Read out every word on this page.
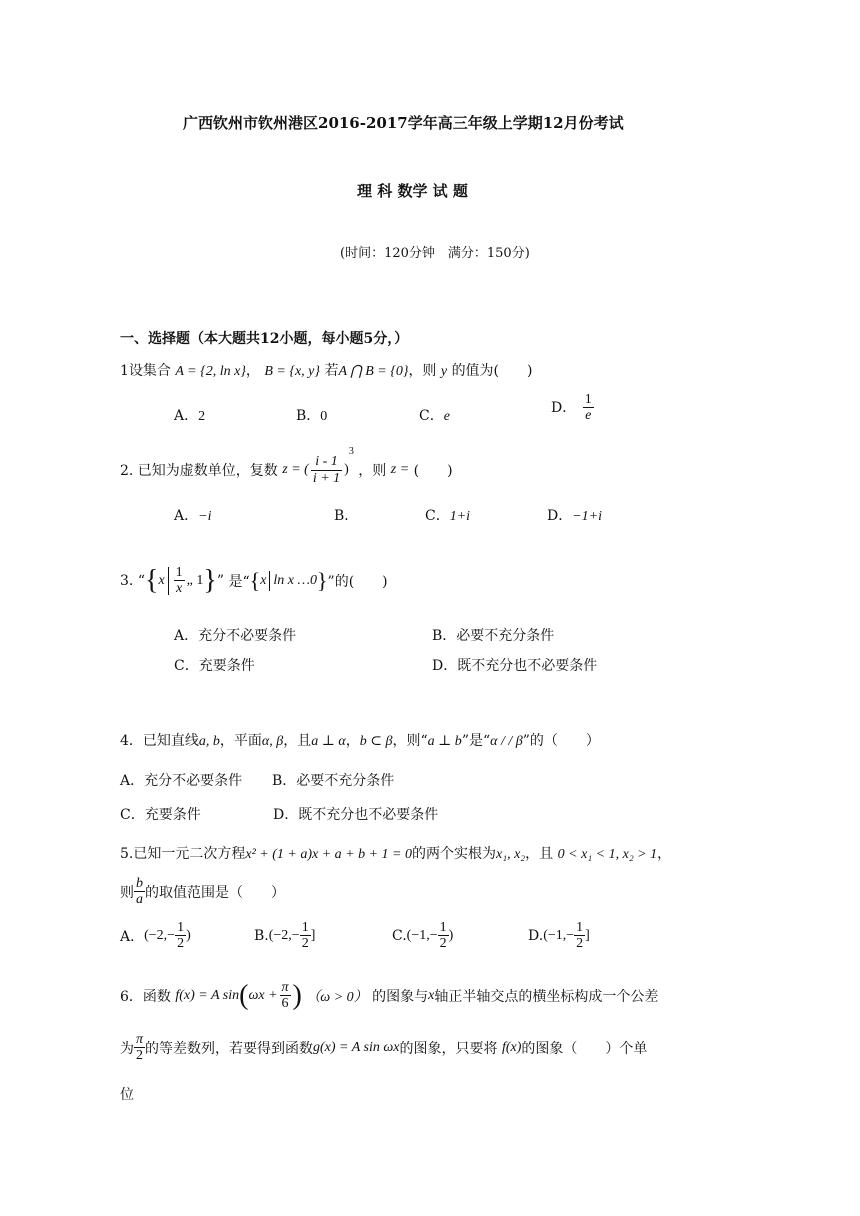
广西钦州市钦州港区2016-2017学年高三年级上学期12月份考试
理 科 数学 试 题
(时间：120分钟　满分：150分)
一、选择题（本大题共12小题，每小题5分，）
1设集合 A = {2, ln x}， B = {x, y} 若A ⋂ B = {0}，则 y 的值为(　　)
A．2	B．0	C．e
D． $\frac{1}{e}$
2. 已知为虚数单位，复数 z = ( $\frac{i - 1}{i + 1} )^3$ ，则 z = (　　)
A．−i	B．	C．1+i	D．−1+i
3. “{$x \frac{1}{x}$ „ 1}” 是“{x ln x …0}”的(　　)
A．充分不必要条件	B．必要不充分条件
C．充要条件	D．既不充分也不必要条件
4．已知直线a, b，平面α, β，且a ⊥ α，b ⊂ β，则“a ⊥ b”是“α / / β”的（　　）
A．充分不必要条件 B．必要不充分条件
C．充要条件	D．既不充分也不必要条件
5.已知一元二次方程x² + (1 + a)x + a + b + 1 = 0的两个实根为x₁, x₂，且 0 < x₁ < 1, x₂ > 1，
则 $\frac{b}{a}$ 的取值范围是（　　）
A．($-2,- \frac{1}{2}$ )	$B.(-2,- \frac{1}{2}$ ]	$C.(-1,- \frac{1}{2}$ )	$D.(-1,- \frac{1}{2}$ ]
6．函数 f(x) = A $\sin(\omega x + \frac{\pi}{6}$ ) （ω > 0） 的图象与x轴正半轴交点的横坐标构成一个公差
为 $\frac{\pi}{2}$ 的等差数列，若要得到函数g(x) = A sin ωx的图象，只要将 f(x)的图象（　　）个单
位
